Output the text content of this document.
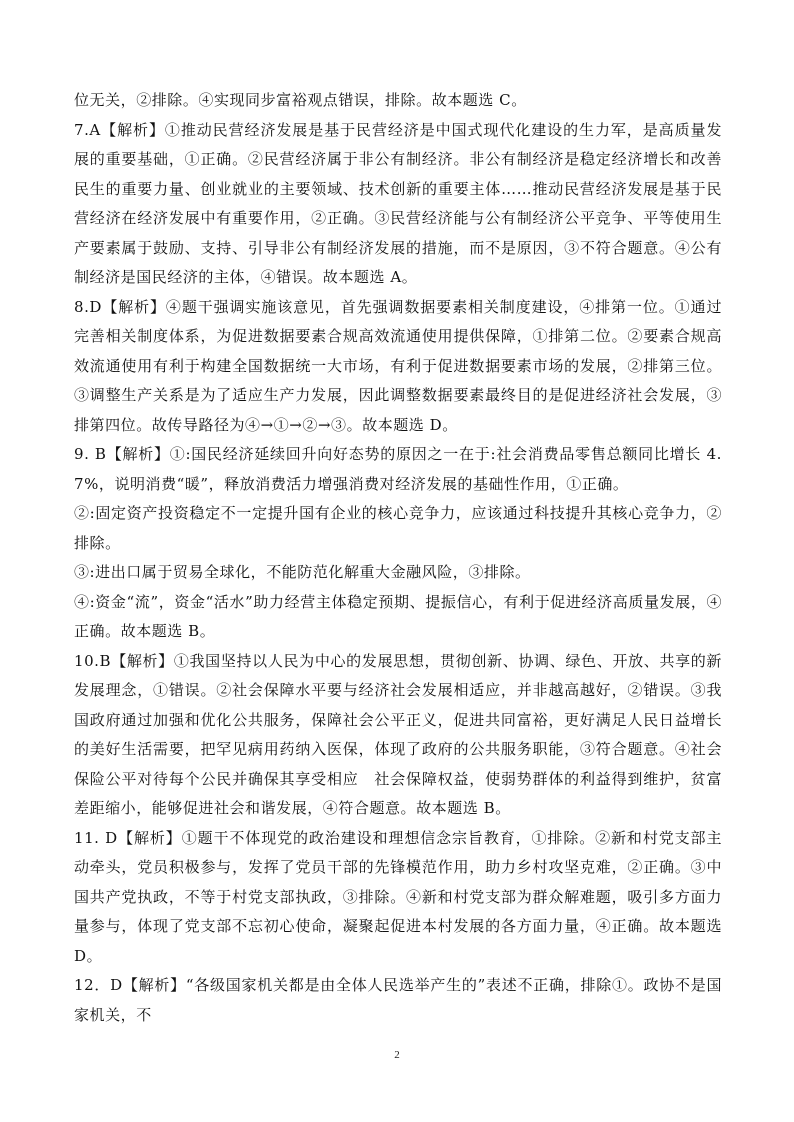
位无关，②排除。④实现同步富裕观点错误，排除。故本题选 C。

7.A【解析】①推动民营经济发展是基于民营经济是中国式现代化建设的生力军，是高质量发展的重要基础，①正确。②民营经济属于非公有制经济。非公有制经济是稳定经济增长和改善民生的重要力量、创业就业的主要领域、技术创新的重要主体……推动民营经济发展是基于民营经济在经济发展中有重要作用，②正确。③民营经济能与公有制经济公平竞争、平等使用生产要素属于鼓励、支持、引导非公有制经济发展的措施，而不是原因，③不符合题意。④公有制经济是国民经济的主体，④错误。故本题选 A。

8.D【解析】④题干强调实施该意见，首先强调数据要素相关制度建设，④排第一位。①通过完善相关制度体系，为促进数据要素合规高效流通使用提供保障，①排第二位。②要素合规高效流通使用有利于构建全国数据统一大市场，有利于促进数据要素市场的发展，②排第三位。③调整生产关系是为了适应生产力发展，因此调整数据要素最终目的是促进经济社会发展，③排第四位。故传导路径为④→①→②→③。故本题选 D。

9. B【解析】①:国民经济延续回升向好态势的原因之一在于:社会消费品零售总额同比增长 4.7%，说明消费“暖”，释放消费活力增强消费对经济发展的基础性作用，①正确。

②:固定资产投资稳定不一定提升国有企业的核心竞争力，应该通过科技提升其核心竞争力，②排除。

③:进出口属于贸易全球化，不能防范化解重大金融风险，③排除。

④:资金“流”，资金“活水”助力经营主体稳定预期、提振信心，有利于促进经济高质量发展，④正确。故本题选 B。

10.B【解析】①我国坚持以人民为中心的发展思想，贯彻创新、协调、绿色、开放、共享的新发展理念，①错误。②社会保障水平要与经济社会发展相适应，并非越高越好，②错误。③我国政府通过加强和优化公共服务，保障社会公平正义，促进共同富裕，更好满足人民日益增长的美好生活需要，把罕见病用药纳入医保，体现了政府的公共服务职能，③符合题意。④社会保险公平对待每个公民并确保其享受相应　社会保障权益，使弱势群体的利益得到维护，贫富差距缩小，能够促进社会和谐发展，④符合题意。故本题选 B。

11. D【解析】①题干不体现党的政治建设和理想信念宗旨教育，①排除。②新和村党支部主动牵头，党员积极参与，发挥了党员干部的先锋模范作用，助力乡村攻坚克难，②正确。③中国共产党执政，不等于村党支部执政，③排除。④新和村党支部为群众解难题，吸引多方面力量参与，体现了党支部不忘初心使命，凝聚起促进本村发展的各方面力量，④正确。故本题选 D。

12．D【解析】“各级国家机关都是由全体人民选举产生的”表述不正确，排除①。政协不是国家机关，不

2
